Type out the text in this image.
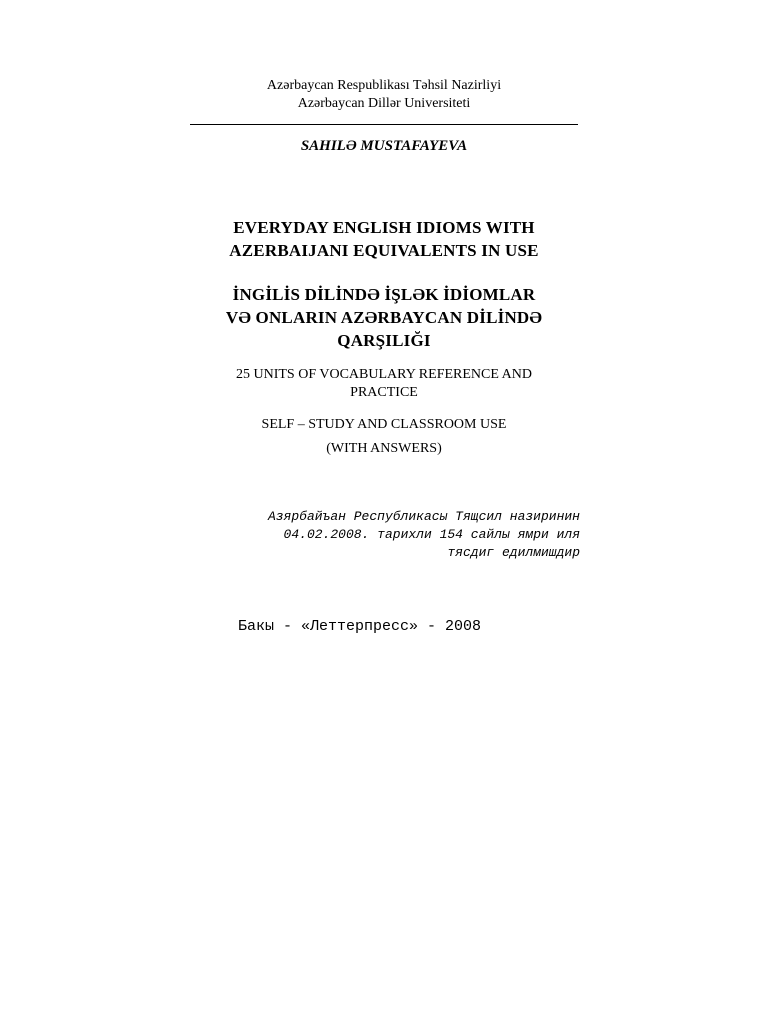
Azərbaycan Respublikası Təhsil Nazirliyi
Azərbaycan Dillər Universiteti
SAHILƏ MUSTAFAYEVA
EVERYDAY ENGLISH IDIOMS WITH
AZERBAIJANI EQUIVALENTS IN USE
İNGİLİS DİLİNDƏ İŞLƏK İDİOMLAR
VƏ ONLARIN AZƏRBAYCAN DİLİNDƏ
QARŞILIĞI
25 UNITS OF VOCABULARY REFERENCE AND
PRACTICE
SELF – STUDY AND CLASSROOM USE
(WITH ANSWERS)
Азярбайъан Республикасы Тящсил назиринин
04.02.2008. тарихли 154 сайлы ямри иля
тясдиг едилмишдир
Бакы - «Леттерпресс» - 2008
